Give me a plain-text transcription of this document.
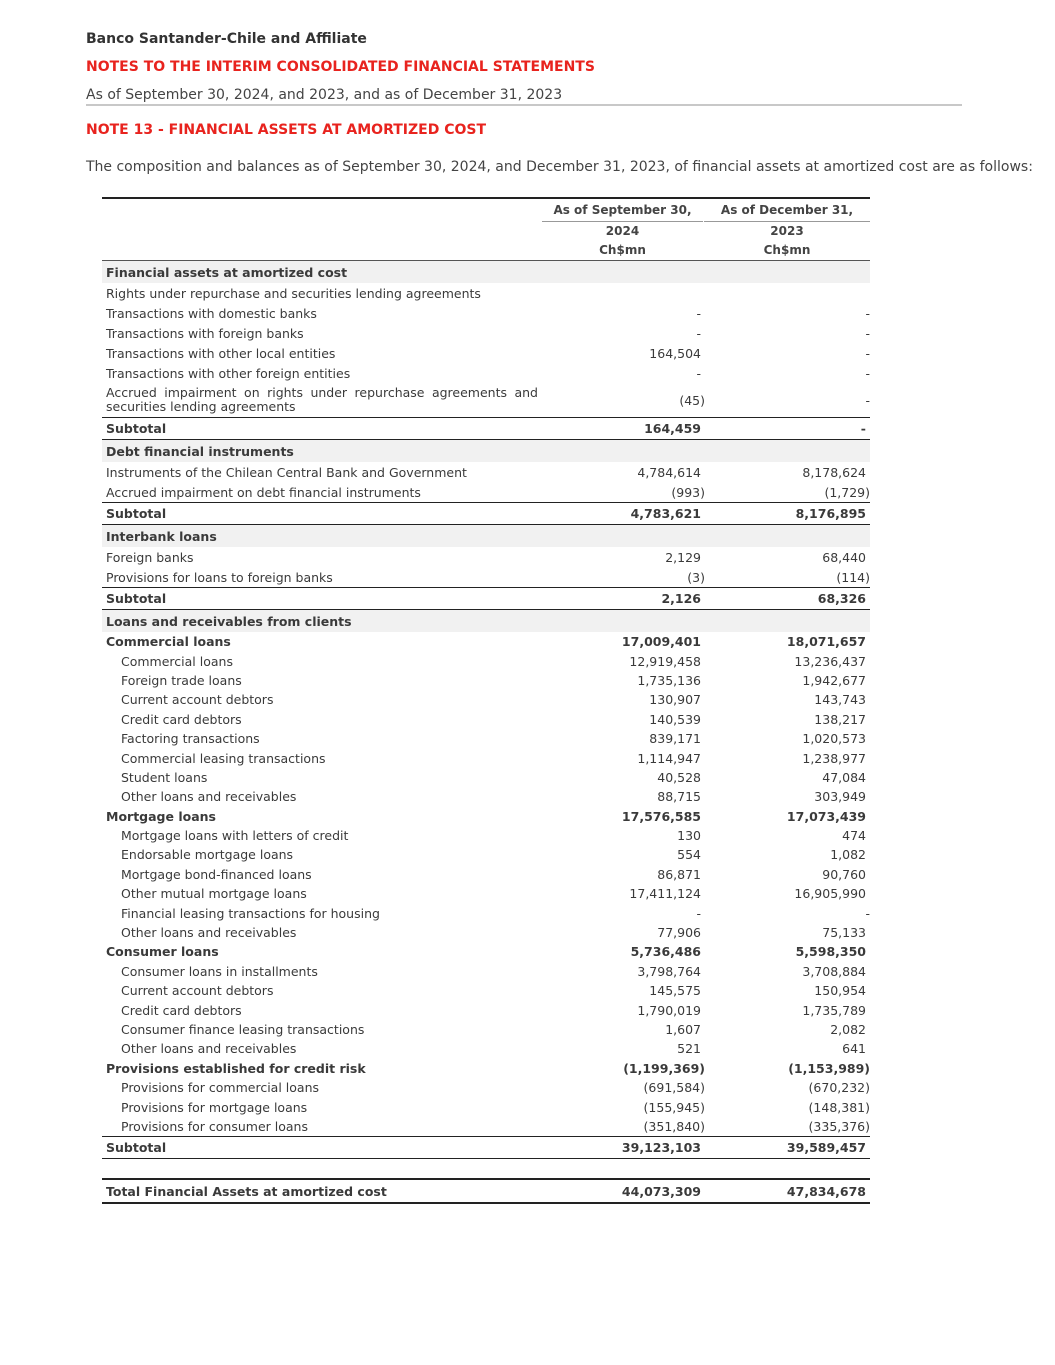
Banco Santander-Chile and Affiliate
NOTES TO THE INTERIM CONSOLIDATED FINANCIAL STATEMENTS
As of September 30, 2024, and 2023, and as of December 31, 2023
NOTE 13 - FINANCIAL ASSETS AT AMORTIZED COST
The composition and balances as of September 30, 2024, and December 31, 2023, of financial assets at amortized cost are as follows:
As of September 30,	As of December 31,
2024	2023
Ch$mn	Ch$mn
Financial assets at amortized cost
Rights under repurchase and securities lending agreements
Transactions with domestic banks	-	-
Transactions with foreign banks	-	-
Transactions with other local entities	164,504	-
Transactions with other foreign entities	-	-
Accrued impairment on rights under repurchase agreements and securities lending agreements	(45)	-
Subtotal	164,459	-
Debt financial instruments
Instruments of the Chilean Central Bank and Government	4,784,614	8,178,624
Accrued impairment on debt financial instruments	(993)	(1,729)
Subtotal	4,783,621	8,176,895
Interbank loans
Foreign banks	2,129	68,440
Provisions for loans to foreign banks	(3)	(114)
Subtotal	2,126	68,326
Loans and receivables from clients
Commercial loans	17,009,401	18,071,657
Commercial loans	12,919,458	13,236,437
Foreign trade loans	1,735,136	1,942,677
Current account debtors	130,907	143,743
Credit card debtors	140,539	138,217
Factoring transactions	839,171	1,020,573
Commercial leasing transactions	1,114,947	1,238,977
Student loans	40,528	47,084
Other loans and receivables	88,715	303,949
Mortgage loans	17,576,585	17,073,439
Mortgage loans with letters of credit	130	474
Endorsable mortgage loans	554	1,082
Mortgage bond-financed loans	86,871	90,760
Other mutual mortgage loans	17,411,124	16,905,990
Financial leasing transactions for housing	-	-
Other loans and receivables	77,906	75,133
Consumer loans	5,736,486	5,598,350
Consumer loans in installments	3,798,764	3,708,884
Current account debtors	145,575	150,954
Credit card debtors	1,790,019	1,735,789
Consumer finance leasing transactions	1,607	2,082
Other loans and receivables	521	641
Provisions established for credit risk	(1,199,369)	(1,153,989)
Provisions for commercial loans	(691,584)	(670,232)
Provisions for mortgage loans	(155,945)	(148,381)
Provisions for consumer loans	(351,840)	(335,376)
Subtotal	39,123,103	39,589,457
Total Financial Assets at amortized cost	44,073,309	47,834,678
